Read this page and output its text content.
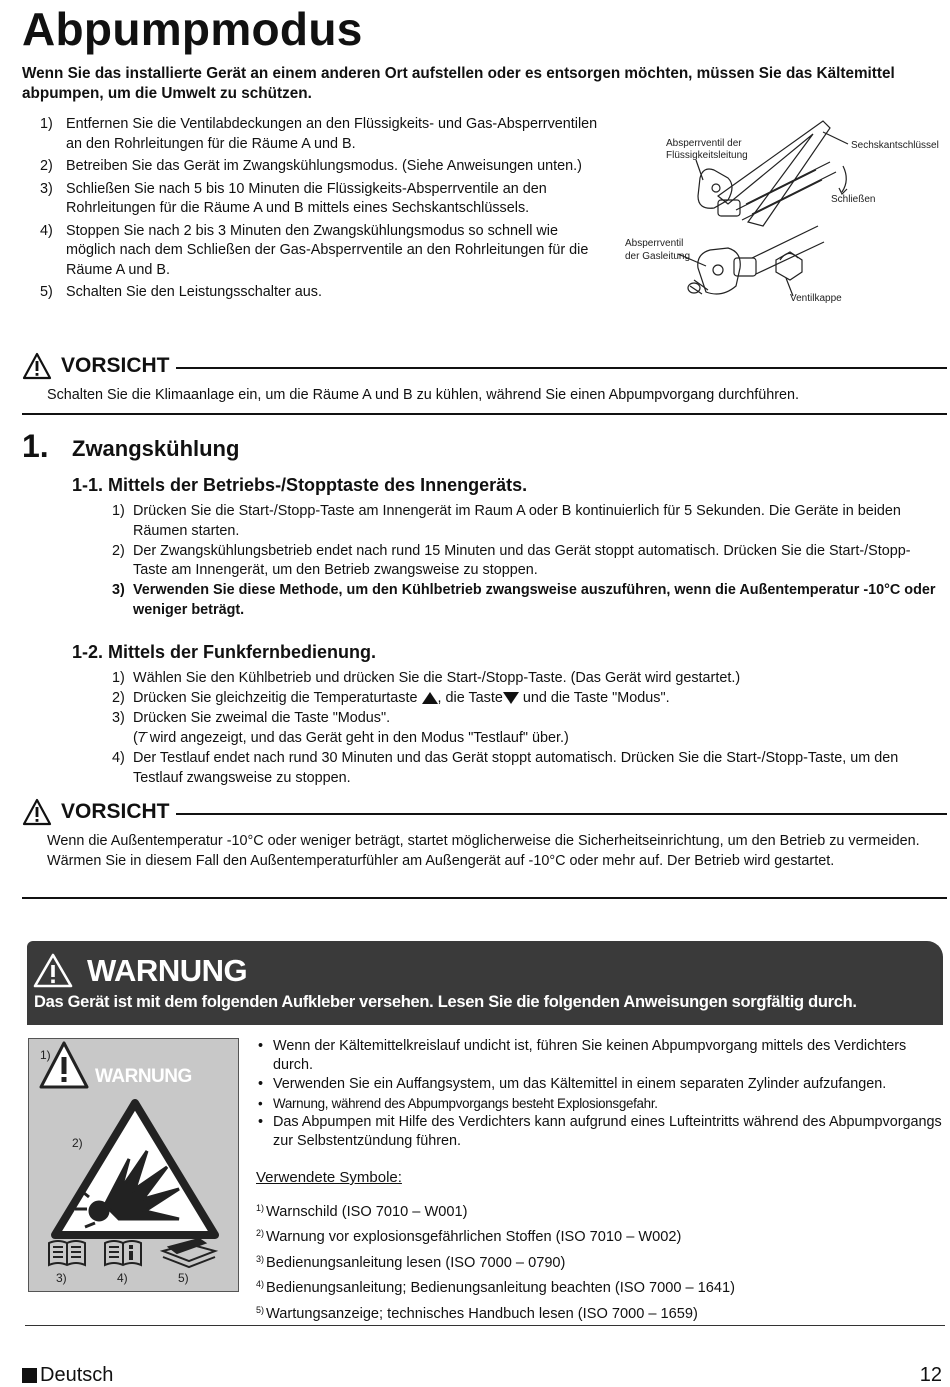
Abpumpmodus
Wenn Sie das installierte Gerät an einem anderen Ort aufstellen oder es entsorgen möchten, müssen Sie das Kältemittel abpumpen, um die Umwelt zu schützen.
1) Entfernen Sie die Ventilabdeckungen an den Flüssigkeits- und Gas-Absperrventilen an den Rohrleitungen für die Räume A und B.
2) Betreiben Sie das Gerät im Zwangskühlungsmodus. (Siehe Anweisungen unten.)
3) Schließen Sie nach 5 bis 10 Minuten die Flüssigkeits-Absperrventile an den Rohrleitungen für die Räume A und B mittels eines Sechskantschlüssels.
4) Stoppen Sie nach 2 bis 3 Minuten den Zwangskühlungsmodus so schnell wie möglich nach dem Schließen der Gas-Absperrventile an den Rohrleitungen für die Räume A und B.
5) Schalten Sie den Leistungsschalter aus.
Absperrventil der
Flüssigkeitsleitung
Sechskantschlüssel
Schließen
Absperrventil
der Gasleitung
Ventilkappe
VORSICHT
Schalten Sie die Klimaanlage ein, um die Räume A und B zu kühlen, während Sie einen Abpumpvorgang durchführen.
1. Zwangskühlung
1-1. Mittels der Betriebs-/Stopptaste des Innengeräts.
1) Drücken Sie die Start-/Stopp-Taste am Innengerät im Raum A oder B kontinuierlich für 5 Sekunden. Die Geräte in beiden Räumen starten.
2) Der Zwangskühlungsbetrieb endet nach rund 15 Minuten und das Gerät stoppt automatisch. Drücken Sie die Start-/Stopp-Taste am Innengerät, um den Betrieb zwangsweise zu stoppen.
3) Verwenden Sie diese Methode, um den Kühlbetrieb zwangsweise auszuführen, wenn die Außentemperatur -10°C oder weniger beträgt.
1-2. Mittels der Funkfernbedienung.
1) Wählen Sie den Kühlbetrieb und drücken Sie die Start-/Stopp-Taste. (Das Gerät wird gestartet.)
2) Drücken Sie gleichzeitig die Temperaturtaste , die Taste und die Taste "Modus".
3) Drücken Sie zweimal die Taste "Modus".
(7̄ wird angezeigt, und das Gerät geht in den Modus "Testlauf" über.)
4) Der Testlauf endet nach rund 30 Minuten und das Gerät stoppt automatisch. Drücken Sie die Start-/Stopp-Taste, um den Testlauf zwangsweise zu stoppen.
VORSICHT
Wenn die Außentemperatur -10°C oder weniger beträgt, startet möglicherweise die Sicherheitseinrichtung, um den Betrieb zu vermeiden. Wärmen Sie in diesem Fall den Außentemperaturfühler am Außengerät auf -10°C oder mehr auf. Der Betrieb wird gestartet.
WARNUNG
Das Gerät ist mit dem folgenden Aufkleber versehen. Lesen Sie die folgenden Anweisungen sorgfältig durch.
1)
WARNUNG
2)
3)	4)	5)
• Wenn der Kältemittelkreislauf undicht ist, führen Sie keinen Abpumpvorgang mittels des Verdichters durch.
• Verwenden Sie ein Auffangsystem, um das Kältemittel in einem separaten Zylinder aufzufangen.
• Warnung, während des Abpumpvorgangs besteht Explosionsgefahr.
• Das Abpumpen mit Hilfe des Verdichters kann aufgrund eines Lufteintritts während des Abpumpvorgangs zur Selbstentzündung führen.
Verwendete Symbole:
$^{1)}$ Warnschild (ISO 7010 – W001)
$^{2)}$ Warnung vor explosionsgefährlichen Stoffen (ISO 7010 – W002)
$^{3)}$ Bedienungsanleitung lesen (ISO 7000 – 0790)
$^{4)}$ Bedienungsanleitung; Bedienungsanleitung beachten (ISO 7000 – 1641)
$^{5)}$ Wartungsanzeige; technisches Handbuch lesen (ISO 7000 – 1659)
Deutsch	12
